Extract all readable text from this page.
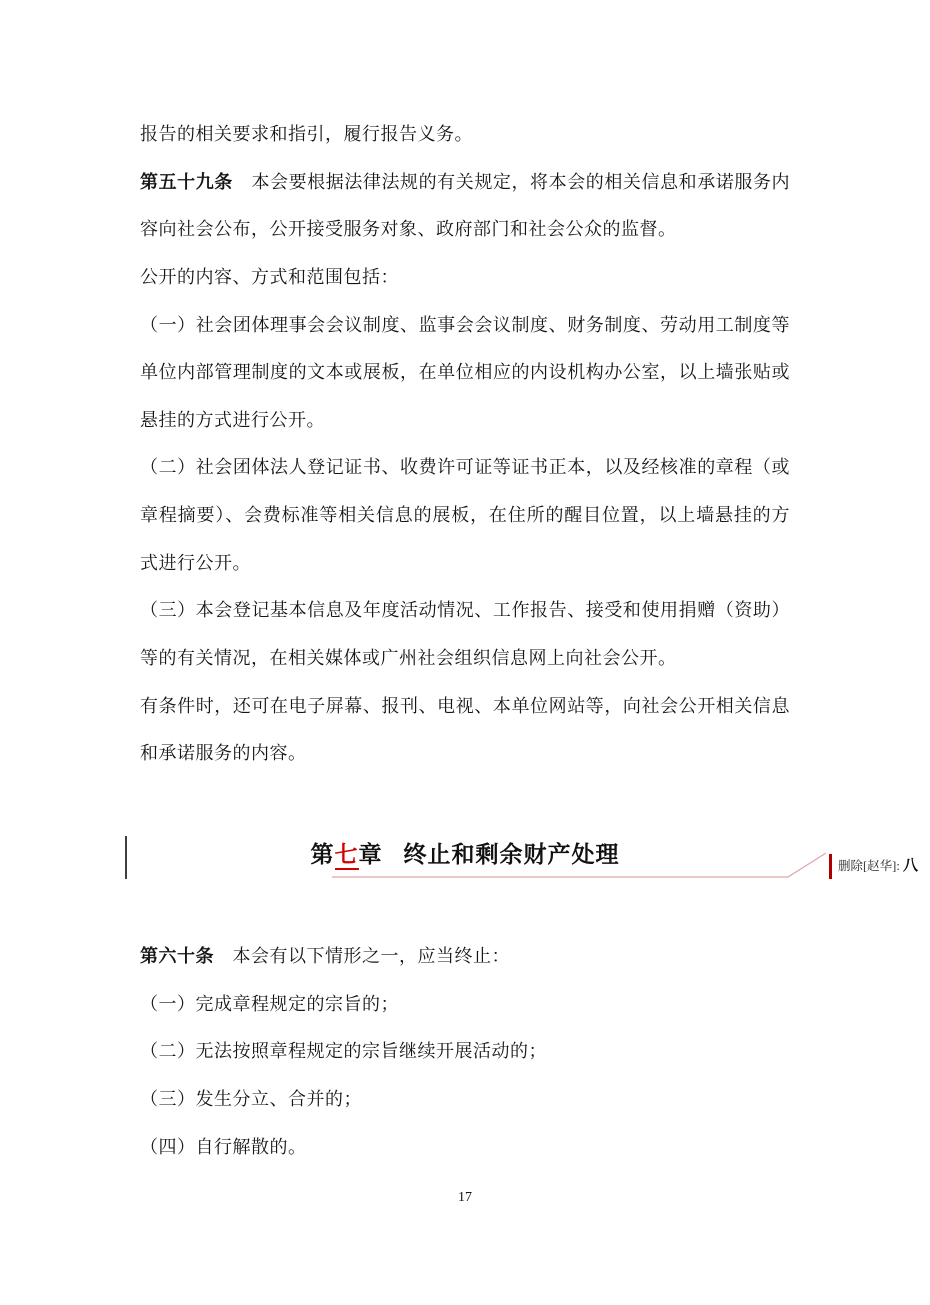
报告的相关要求和指引，履行报告义务。
第五十九条　本会要根据法律法规的有关规定，将本会的相关信息和承诺服务内
容向社会公布，公开接受服务对象、政府部门和社会公众的监督。
公开的内容、方式和范围包括：
（一）社会团体理事会会议制度、监事会会议制度、财务制度、劳动用工制度等
单位内部管理制度的文本或展板，在单位相应的内设机构办公室，以上墙张贴或
悬挂的方式进行公开。
（二）社会团体法人登记证书、收费许可证等证书正本，以及经核准的章程（或
章程摘要）、会费标准等相关信息的展板，在住所的醒目位置，以上墙悬挂的方
式进行公开。
（三）本会登记基本信息及年度活动情况、工作报告、接受和使用捐赠（资助）
等的有关情况，在相关媒体或广州社会组织信息网上向社会公开。
有条件时，还可在电子屏幕、报刊、电视、本单位网站等，向社会公开相关信息
和承诺服务的内容。
第七章 终止和剩余财产处理
第六十条　本会有以下情形之一，应当终止：
（一）完成章程规定的宗旨的；
（二）无法按照章程规定的宗旨继续开展活动的；
（三）发生分立、合并的；
（四）自行解散的。
删除[赵华]: 八
17
